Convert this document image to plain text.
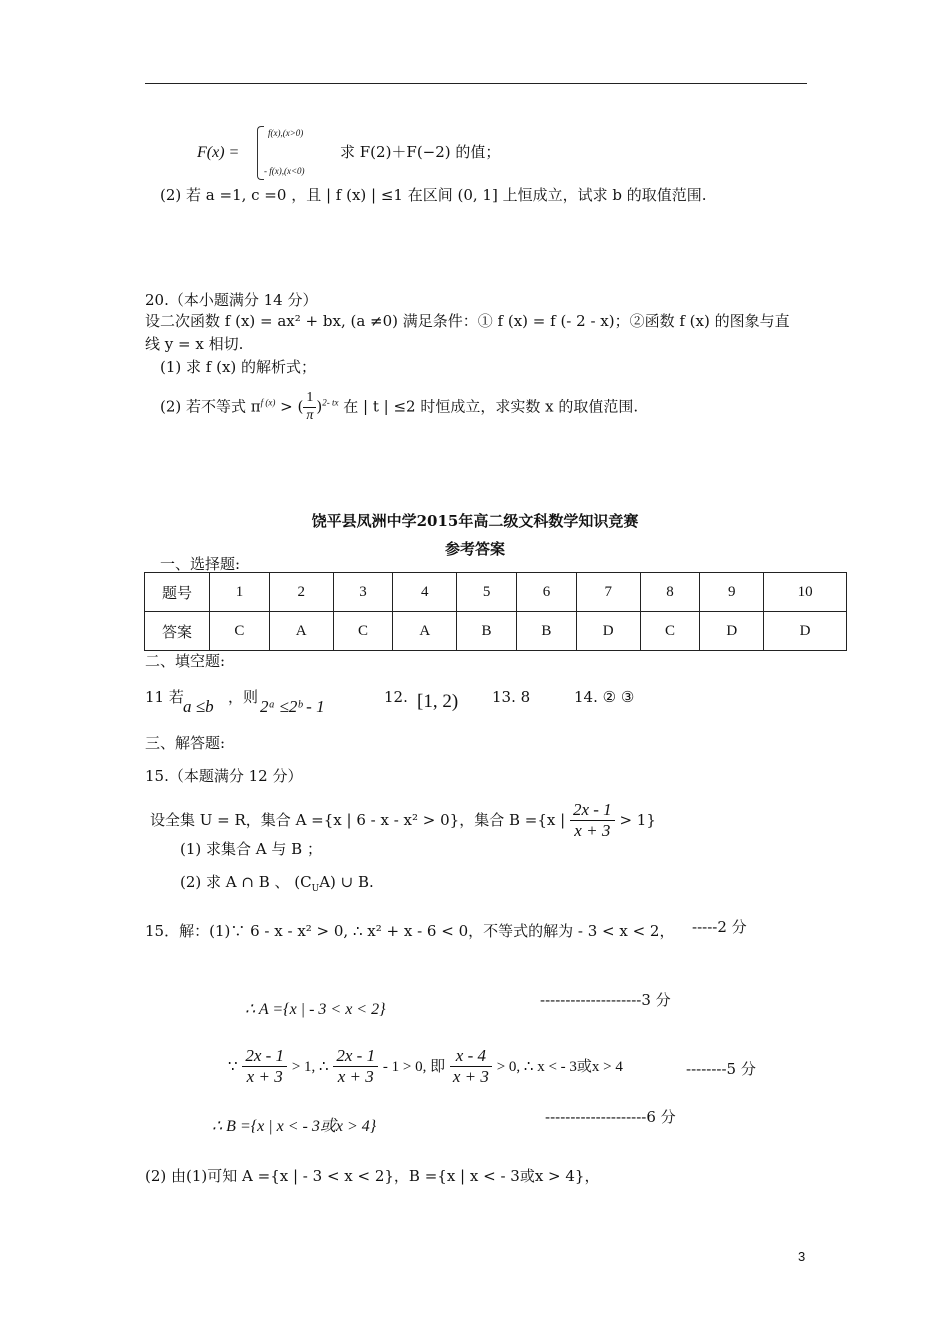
F(x) =
f(x),(x>0)
- f(x),(x<0)
求 F(2)＋F(−2) 的值；
(2) 若 a =1, c =0 ，且 | f (x) | ≤1 在区间 (0, 1] 上恒成立，试求 b 的取值范围.
20.（本小题满分 14 分）
设二次函数 f (x) = ax² + bx, (a ≠0) 满足条件：① f (x) = f (- 2 - x)；②函数 f (x) 的图象与直
线 y = x 相切.
(1) 求 f (x) 的解析式；
(2) 若不等式 $\pi^{f (x)}$ > ( $\frac{1}{\pi} )^{2- tx}$ 在 | t | ≤2 时恒成立，求实数 x 的取值范围.
饶平县凤洲中学2015年高二级文科数学知识竞赛
参考答案
一、选择题:
题号	1	2	3	4	5	6	7	8	9	10
答案	C	A	C	A	B	B	D	C	D	D
二、填空题:
11 若 a ≤b ，则 2ᵃ ≤2ᵇ - 1	12. [1, 2) 13. 8	14. ② ③
三、解答题:
15.（本题满分 12 分）
设全集 U = R，集合 A ={x | 6 - x - x² > 0}，集合 B ={x | $\frac{2x - 1}{x + 3} > 1$}
(1) 求集合 A 与 B ；
(2) 求 A ∩ B 、 $(C_UA)$ ∪ B.
15．解：(1)∵ 6 - x - x² > 0, ∴ x² + x - 6 < 0，不等式的解为 - 3 < x < 2， -----2 分
∴ A ={x | - 3 < x < 2}
--------------------3 分
∵ $\frac{2x - 1}{x + 3} > 1$, ∴ $\frac{2x - 1}{x + 3} - 1 > 0$, 即 $\frac{x - 4}{x + 3} > 0$, ∴ x < - 3或x > 4	--------5 分
∴ B ={x | x < - 3或x > 4}
--------------------6 分
(2) 由(1)可知 A ={x | - 3 < x < 2}，B ={x | x < - 3或x > 4}，
3
